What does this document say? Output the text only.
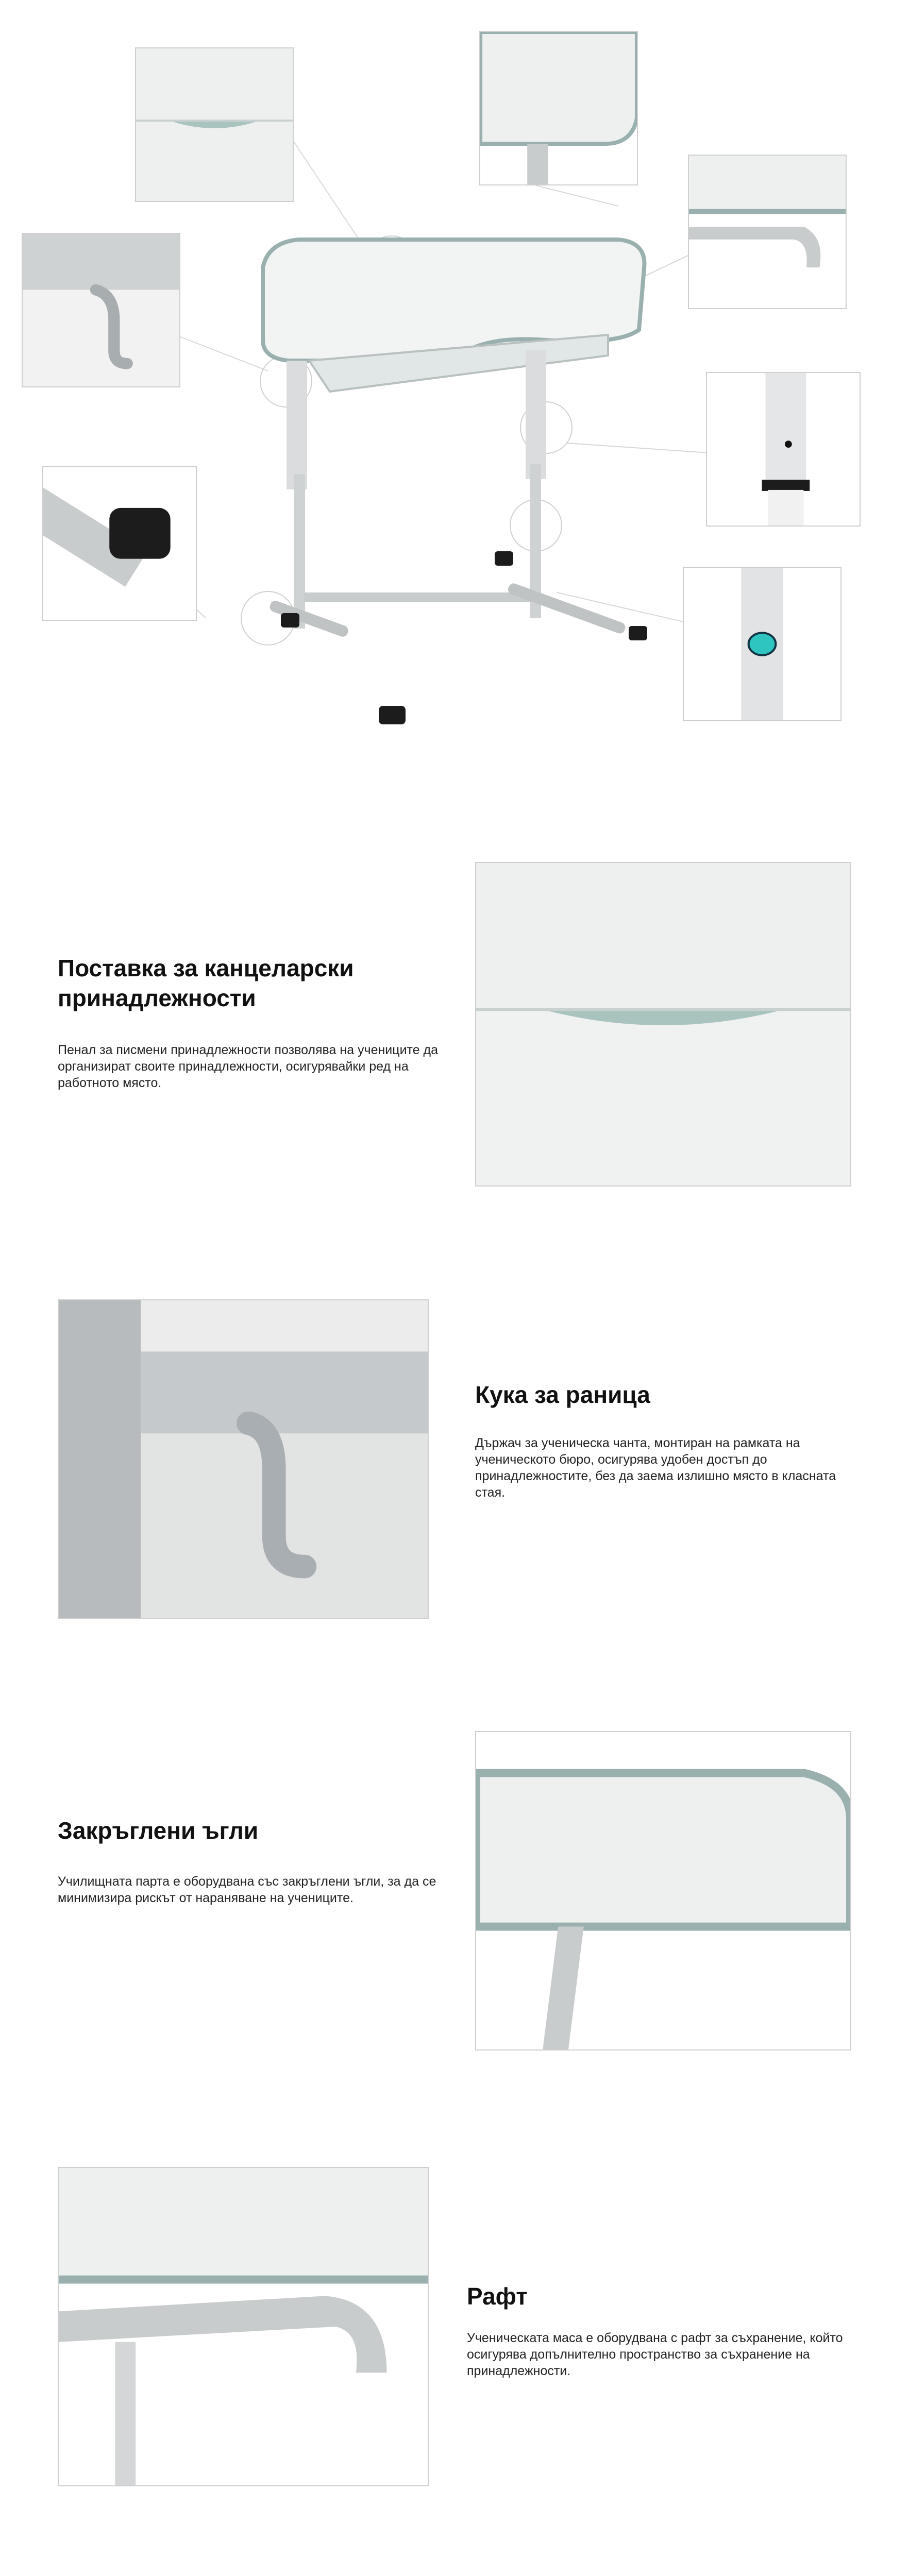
Поставка за канцеларски принадлежности
Пенал за писмени принадлежности позволява на учениците да организират своите принадлежности, осигурявайки ред на работното място.
Кука за раница
Държач за ученическа чанта, монтиран на рамката на ученическото бюро, осигурява удобен достъп до принадлежностите, без да заема излишно място в класната стая.
Закръглени ъгли
Училищната парта е оборудвана със закръглени ъгли, за да се минимизира рискът от нараняване на учениците.
Рафт
Ученическата маса е оборудвана с рафт за съхранение, който осигурява допълнително пространство за съхранение на принадлежности.
